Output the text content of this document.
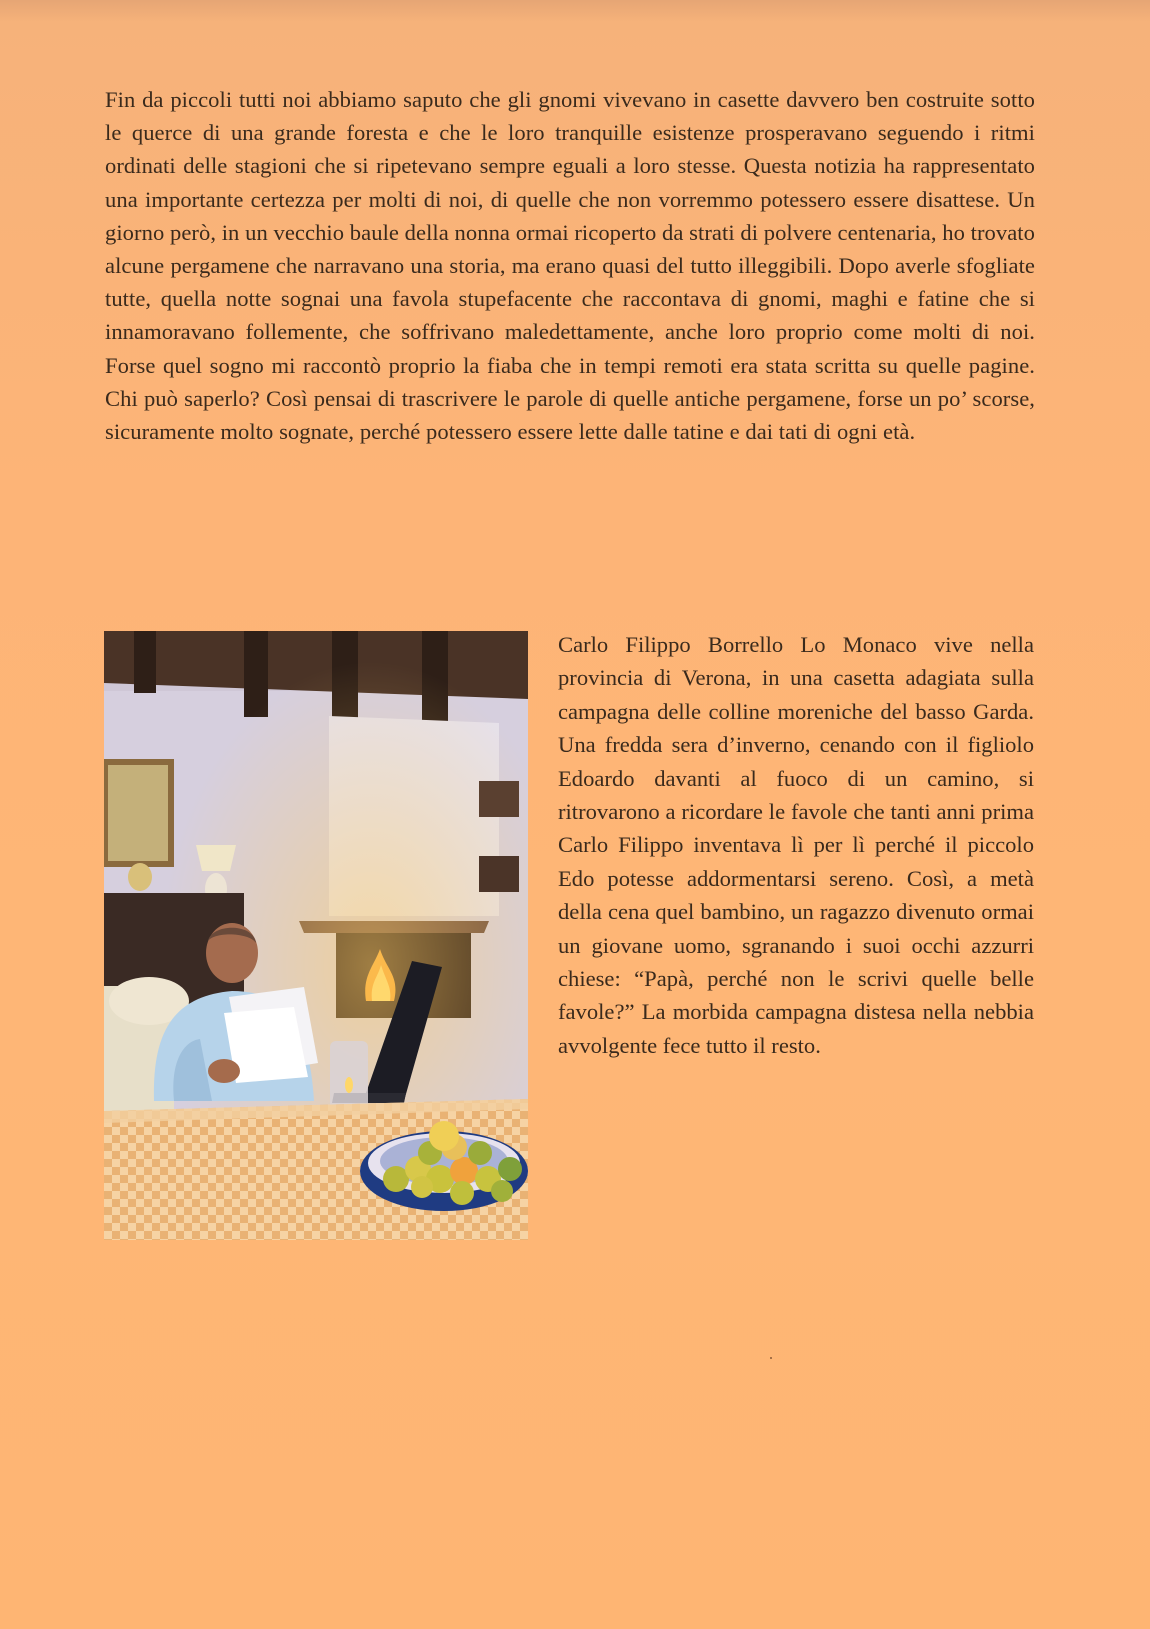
Fin da piccoli tutti noi abbiamo saputo che gli gnomi vivevano in casette davvero ben costruite sotto le querce di una grande foresta e che le loro tranquille esistenze prosperavano seguendo i ritmi ordinati delle stagioni che si ripetevano sempre eguali a loro stesse. Questa notizia ha rappresentato una importante certezza per molti di noi, di quelle che non vorremmo potessero essere disattese. Un giorno però, in un vecchio baule della nonna ormai ricoperto da strati di polvere centenaria, ho trovato alcune pergamene che narravano una storia, ma erano quasi del tutto illeggibili. Dopo averle sfogliate tutte, quella notte sognai una favola stupefacente che raccontava di gnomi, maghi e fatine che si innamoravano follemente, che soffrivano maledettamente, anche loro proprio come molti di noi. Forse quel sogno mi raccontò proprio la fiaba che in tempi remoti era stata scritta su quelle pagine. Chi può saperlo? Così pensai di trascrivere le parole di quelle antiche pergamene, forse un po’ scorse, sicuramente molto sognate, perché potessero essere lette dalle tatine e dai tati di ogni età.

Carlo Filippo Borrello Lo Monaco vive nella provincia di Verona, in una casetta adagiata sulla campagna delle colline moreniche del basso Garda. Una fredda sera d’inverno, cenando con il figliolo Edoardo davanti al fuoco di un camino, si ritrovarono a ricordare le favole che tanti anni prima Carlo Filippo inventava lì per lì perché il piccolo Edo potesse addormentarsi sereno. Così, a metà della cena quel bambino, un ragazzo divenuto ormai un giovane uomo, sgranando i suoi occhi azzurri chiese: “Papà, perché non le scrivi quelle belle favole?” La morbida campagna distesa nella nebbia avvolgente fece tutto il resto.
